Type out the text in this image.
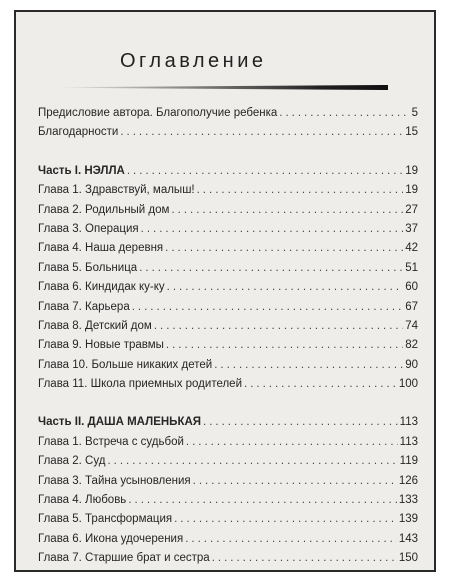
Оглавление
Предисловие автора. Благополучие ребенка .....	5
Благодарности .....	15
Часть I. НЭЛЛА .....	19
Глава 1. Здравствуй, малыш! .....	19
Глава 2. Родильный дом .....	27
Глава 3. Операция .....	37
Глава 4. Наша деревня .....	42
Глава 5. Больница .....	51
Глава 6. Киндидак ку-ку .....	60
Глава 7. Карьера .....	67
Глава 8. Детский дом .....	74
Глава 9. Новые травмы .....	82
Глава 10. Больше никаких детей .....	90
Глава 11. Школа приемных родителей .....	100
Часть II. ДАША МАЛЕНЬКАЯ .....	113
Глава 1. Встреча с судьбой .....	113
Глава 2. Суд .....	119
Глава 3. Тайна усыновления .....	126
Глава 4. Любовь .....	133
Глава 5. Трансформация .....	139
Глава 6. Икона удочерения .....	143
Глава 7. Старшие брат и сестра .....	150
